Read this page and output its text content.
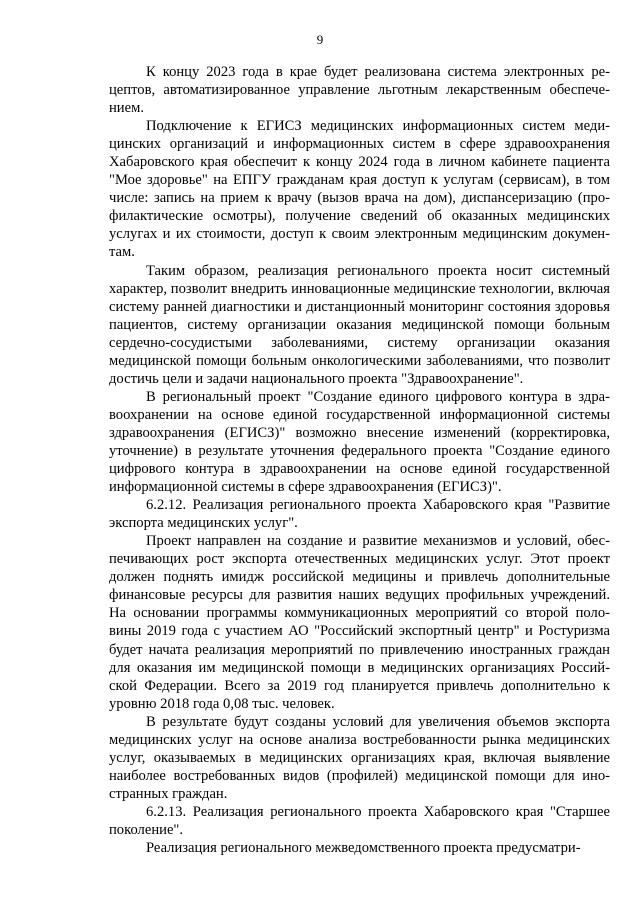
9

К концу 2023 года в крае будет реализована система электронных рецептов, автоматизированное управление льготным лекарственным обеспечением.

Подключение к ЕГИСЗ медицинских информационных систем медицинских организаций и информационных систем в сфере здравоохранения Хабаровского края обеспечит к концу 2024 года в личном кабинете пациента "Мое здоровье" на ЕПГУ гражданам края доступ к услугам (сервисам), в том числе: запись на прием к врачу (вызов врача на дом), диспансеризацию (профилактические осмотры), получение сведений об оказанных медицинских услугах и их стоимости, доступ к своим электронным медицинским документам.

Таким образом, реализация регионального проекта носит системный характер, позволит внедрить инновационные медицинские технологии, включая систему ранней диагностики и дистанционный мониторинг состояния здоровья пациентов, систему организации оказания медицинской помощи больным сердечно-сосудистыми заболеваниями, систему организации оказания медицинской помощи больным онкологическими заболеваниями, что позволит достичь цели и задачи национального проекта "Здравоохранение".

В региональный проект "Создание единого цифрового контура в здравоохранении на основе единой государственной информационной системы здравоохранения (ЕГИСЗ)" возможно внесение изменений (корректировка, уточнение) в результате уточнения федерального проекта "Создание единого цифрового контура в здравоохранении на основе единой государственной информационной системы в сфере здравоохранения (ЕГИСЗ)".

6.2.12. Реализация регионального проекта Хабаровского края "Развитие экспорта медицинских услуг".

Проект направлен на создание и развитие механизмов и условий, обеспечивающих рост экспорта отечественных медицинских услуг. Этот проект должен поднять имидж российской медицины и привлечь дополнительные финансовые ресурсы для развития наших ведущих профильных учреждений. На основании программы коммуникационных мероприятий со второй половины 2019 года с участием АО "Российский экспортный центр" и Ростуризма будет начата реализация мероприятий по привлечению иностранных граждан для оказания им медицинской помощи в медицинских организациях Российской Федерации. Всего за 2019 год планируется привлечь дополнительно к уровню 2018 года 0,08 тыс. человек.

В результате будут созданы условий для увеличения объемов экспорта медицинских услуг на основе анализа востребованности рынка медицинских услуг, оказываемых в медицинских организациях края, включая выявление наиболее востребованных видов (профилей) медицинской помощи для иностранных граждан.

6.2.13. Реализация регионального проекта Хабаровского края "Старшее поколение".

Реализация регионального межведомственного проекта предусматри-
